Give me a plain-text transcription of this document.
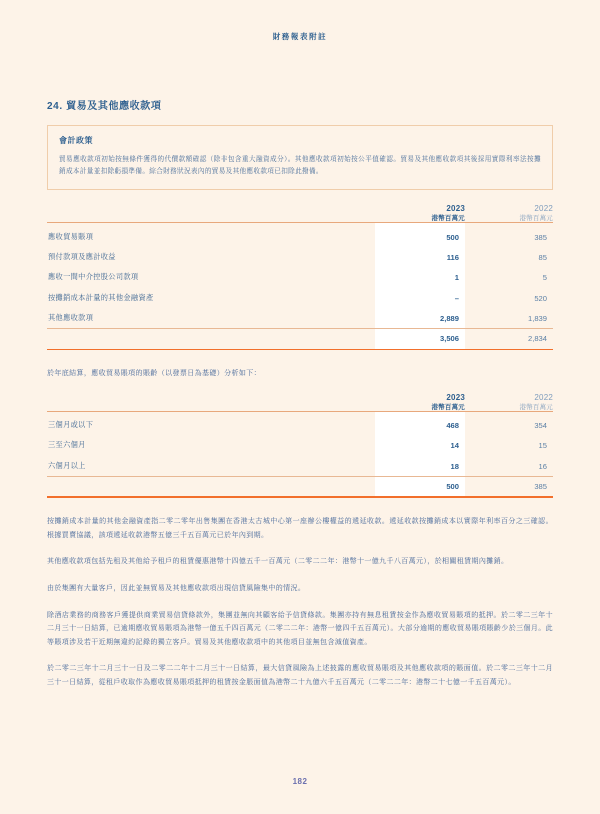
財務報表附註
24. 貿易及其他應收款項
會計政策
貿易應收款項初始按無條件獲得的代價款額確認（除非包含重大融資成分）。其他應收款項初始按公平值確認。貿易及其他應收款項其後採用實際利率法按攤銷成本計量並扣除虧損準備。綜合財務狀況表內的貿易及其他應收款項已扣除此撥備。
	2023	2022
	港幣百萬元	港幣百萬元

應收貿易賬項	500	385
預付款項及應計收益	116	85
應收一間中介控股公司款項	1	5
按攤銷成本計量的其他金融資產	–	520
其他應收款項	2,889	1,839

	3,506	2,834

於年底結算，應收貿易賬項的賬齡（以發票日為基礎）分析如下：
	2023	2022
	港幣百萬元	港幣百萬元

三個月或以下	468	354
三至六個月	14	15
六個月以上	18	16

	500	385

按攤銷成本計量的其他金融資產指二零二零年出售集團在香港太古城中心第一座辦公樓權益的遞延收款。遞延收款按攤銷成本以實際年利率百分之三確認。根據買賣協議，該項遞延收款港幣五億三千五百萬元已於年內到期。
其他應收款項包括先租及其他給予租戶的租賃優惠港幣十四億五千一百萬元（二零二二年：港幣十一億九千八百萬元），於相關租賃期內攤銷。
由於集團有大量客戶，因此並無貿易及其他應收款項出現信貸風險集中的情況。
除酒店業務的商務客戶獲提供商業貿易信貸條款外，集團並無向其顧客給予信貸條款。集團亦持有無息租賃按金作為應收貿易賬項的抵押。於二零二三年十二月三十一日結算，已逾期應收貿易賬項為港幣一億五千四百萬元（二零二二年：港幣一億四千五百萬元）。大部分逾期的應收貿易賬項賬齡少於三個月。此等賬項涉及若干近期無違約記錄的獨立客戶。貿易及其他應收款項中的其他項目並無包含減值資產。
於二零二三年十二月三十一日及二零二二年十二月三十一日結算，最大信貸風險為上述披露的應收貿易賬項及其他應收款項的賬面值。於二零二三年十二月三十一日結算，從租戶收取作為應收貿易賬項抵押的租賃按金脹面值為港幣二十九億六千五百萬元（二零二二年：港幣二十七億一千五百萬元）。
182
